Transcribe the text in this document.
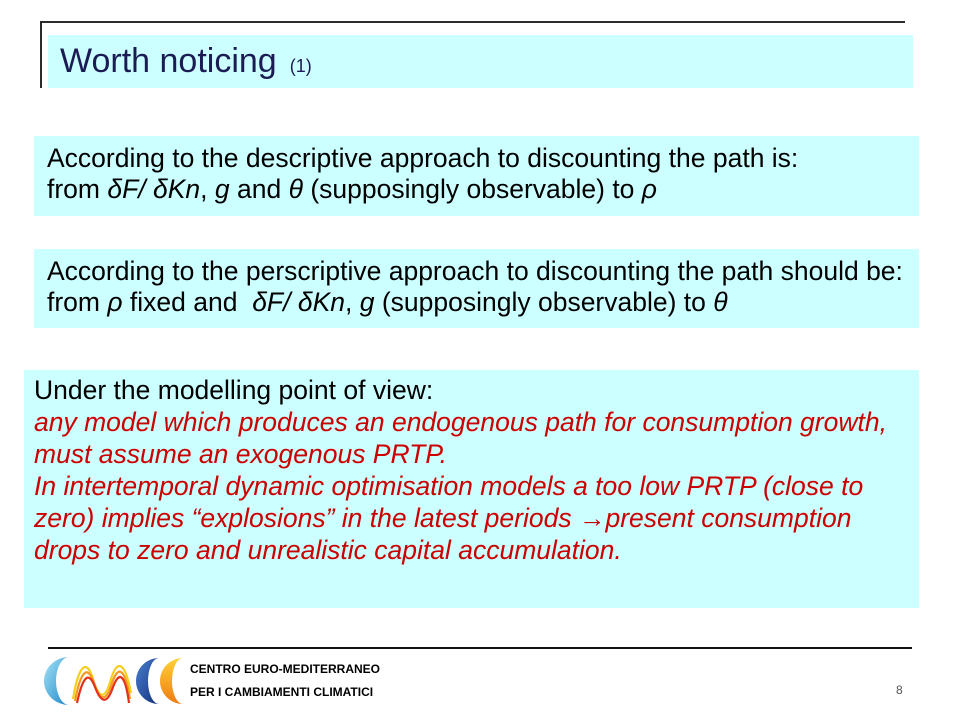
Worth noticing (1)
According to the descriptive approach to discounting the path is:
from δF/ δKn, g and θ (supposingly observable) to ρ
According to the perscriptive approach to discounting the path should be:
from ρ fixed and  δF/ δKn, g (supposingly observable) to θ
Under the modelling point of view:
any model which produces an endogenous path for consumption growth,
must assume an exogenous PRTP.
In intertemporal dynamic optimisation models a too low PRTP (close to
zero) implies “explosions” in the latest periods →present consumption
drops to zero and unrealistic capital accumulation.
CENTRO EURO-MEDITERRANEO
PER I CAMBIAMENTI CLIMATICI	8
